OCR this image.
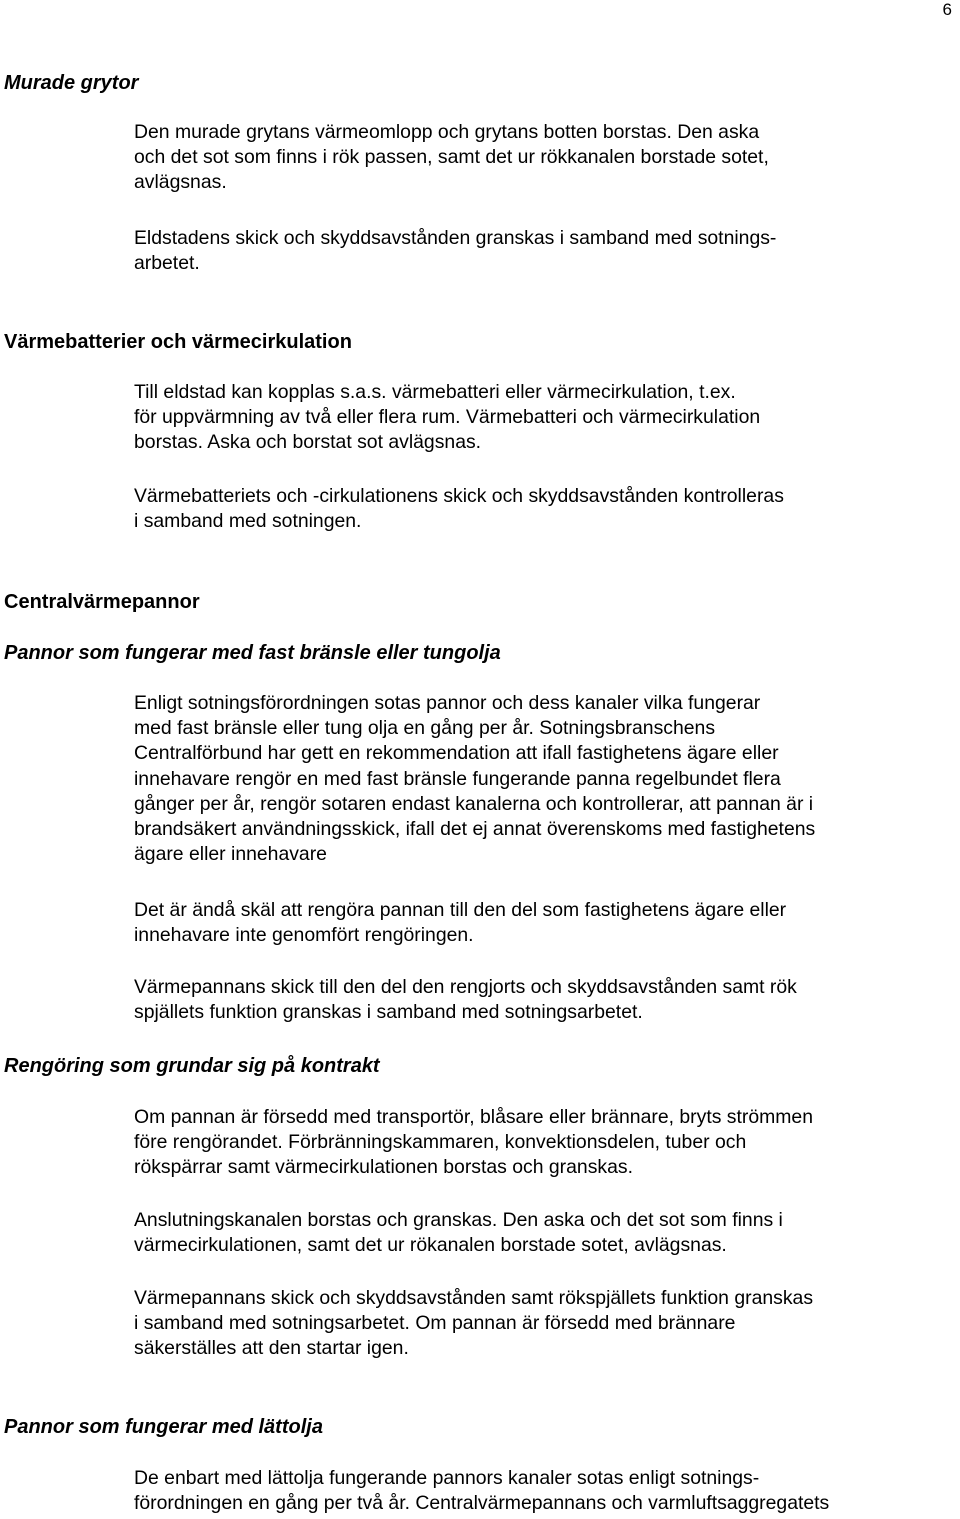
6
Murade grytor
Den murade grytans värmeomlopp och grytans botten borstas. Den aska
och det sot som finns i rök passen, samt det ur rökkanalen borstade sotet,
avlägsnas.
Eldstadens skick och skyddsavstånden granskas i samband med sotnings-
arbetet.
Värmebatterier och värmecirkulation
Till eldstad kan kopplas s.a.s. värmebatteri eller värmecirkulation, t.ex.
för uppvärmning av två eller flera rum. Värmebatteri och värmecirkulation
borstas. Aska och borstat sot avlägsnas.
Värmebatteriets och -cirkulationens skick och skyddsavstånden kontrolleras
i samband med sotningen.
Centralvärmepannor
Pannor som fungerar med fast bränsle eller tungolja
Enligt sotningsförordningen sotas pannor och dess kanaler vilka fungerar
med fast bränsle eller tung olja en gång per år. Sotningsbranschens
Centralförbund har gett en rekommendation att ifall fastighetens ägare eller
innehavare rengör en med fast bränsle fungerande panna regelbundet flera
gånger per år, rengör sotaren endast kanalerna och kontrollerar, att pannan är i
brandsäkert användningsskick, ifall det ej annat överenskoms med fastighetens
ägare eller innehavare
Det är ändå skäl att rengöra pannan till den del som fastighetens ägare eller
innehavare inte genomfört rengöringen.
Värmepannans skick till den del den rengjorts och skyddsavstånden samt rök
spjällets funktion granskas i samband med sotningsarbetet.
Rengöring som grundar sig på kontrakt
Om pannan är försedd med transportör, blåsare eller brännare, bryts strömmen
före rengörandet. Förbränningskammaren, konvektionsdelen, tuber och
rökspärrar samt värmecirkulationen borstas och granskas.
Anslutningskanalen borstas och granskas. Den aska och det sot som finns i
värmecirkulationen, samt det ur rökanalen borstade sotet, avlägsnas.
Värmepannans skick och skyddsavstånden samt rökspjällets funktion granskas
i samband med sotningsarbetet. Om pannan är försedd med brännare
säkerställes att den startar igen.
Pannor som fungerar med lättolja
De enbart med lättolja fungerande pannors kanaler sotas enligt sotnings-
förordningen en gång per två år. Centralvärmepannans och varmluftsaggregatets
